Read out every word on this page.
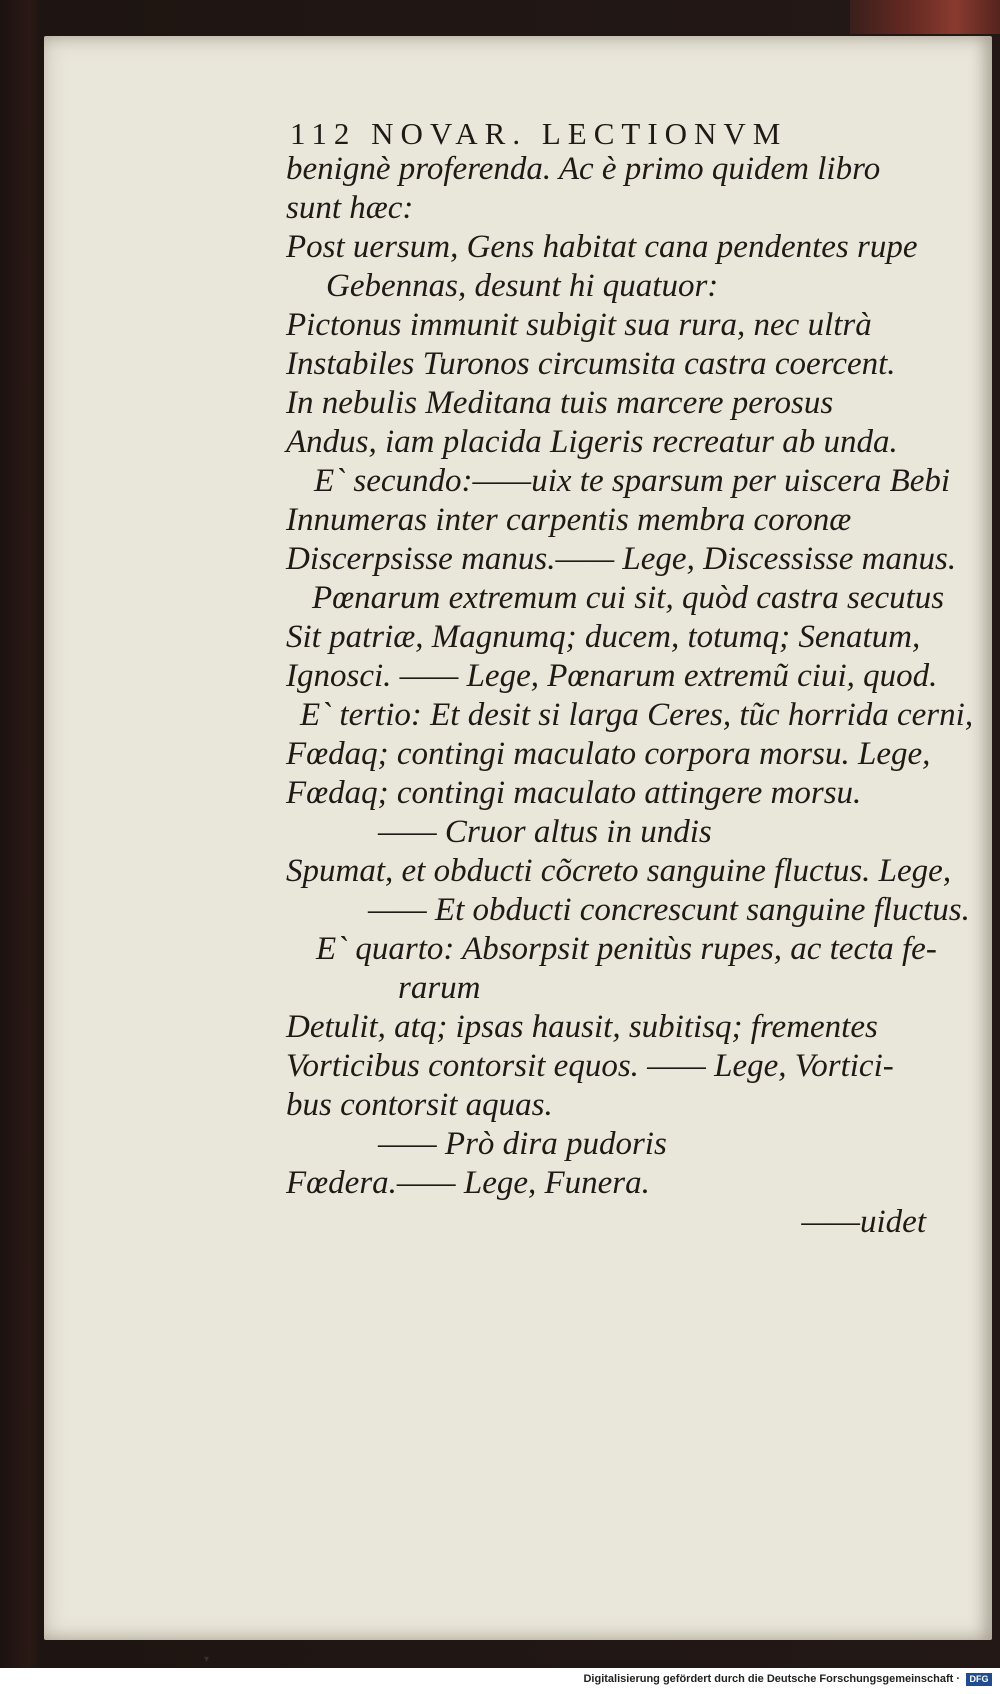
112 NOVAR. LECTIONVM
benignè proferenda. Ac è primo quidem libro
sunt hæc:
Post uersum, Gens habitat cana pendentes rupe
Gebennas, desunt hi quatuor:
Pictonus immunit subigit sua rura, nec ultrà
Instabiles Turonos circumsita castra coercent.
In nebulis Meditana tuis marcere perosus
Andus, iam placida Ligeris recreatur ab unda.
E` secundo:——uix te sparsum per uiscera Bebi
Innumeras inter carpentis membra coronæ
Discerpsisse manus.—— Lege, Discessisse manus.
Pœnarum extremum cui sit, quòd castra secutus
Sit patriæ, Magnumq; ducem, totumq; Senatum,
Ignosci. —— Lege, Pœnarum extremũ ciui, quod.
E` tertio: Et desit si larga Ceres, tũc horrida cerni,
Fœdaq; contingi maculato corpora morsu. Lege,
Fœdaq; contingi maculato attingere morsu.
—— Cruor altus in undis
Spumat, et obducti cõcreto sanguine fluctus. Lege,
—— Et obducti concrescunt sanguine fluctus.
E` quarto: Absorpsit penitùs rupes, ac tecta fe-
rarum
Detulit, atq; ipsas hausit, subitisq; frementes
Vorticibus contorsit equos. —— Lege, Vortici-
bus contorsit aquas.
—— Prò dira pudoris
Fœdera.—— Lege, Funera.
——uidet
▾
Digitalisierung gefördert durch die Deutsche Forschungsgemeinschaft ·	DFG
